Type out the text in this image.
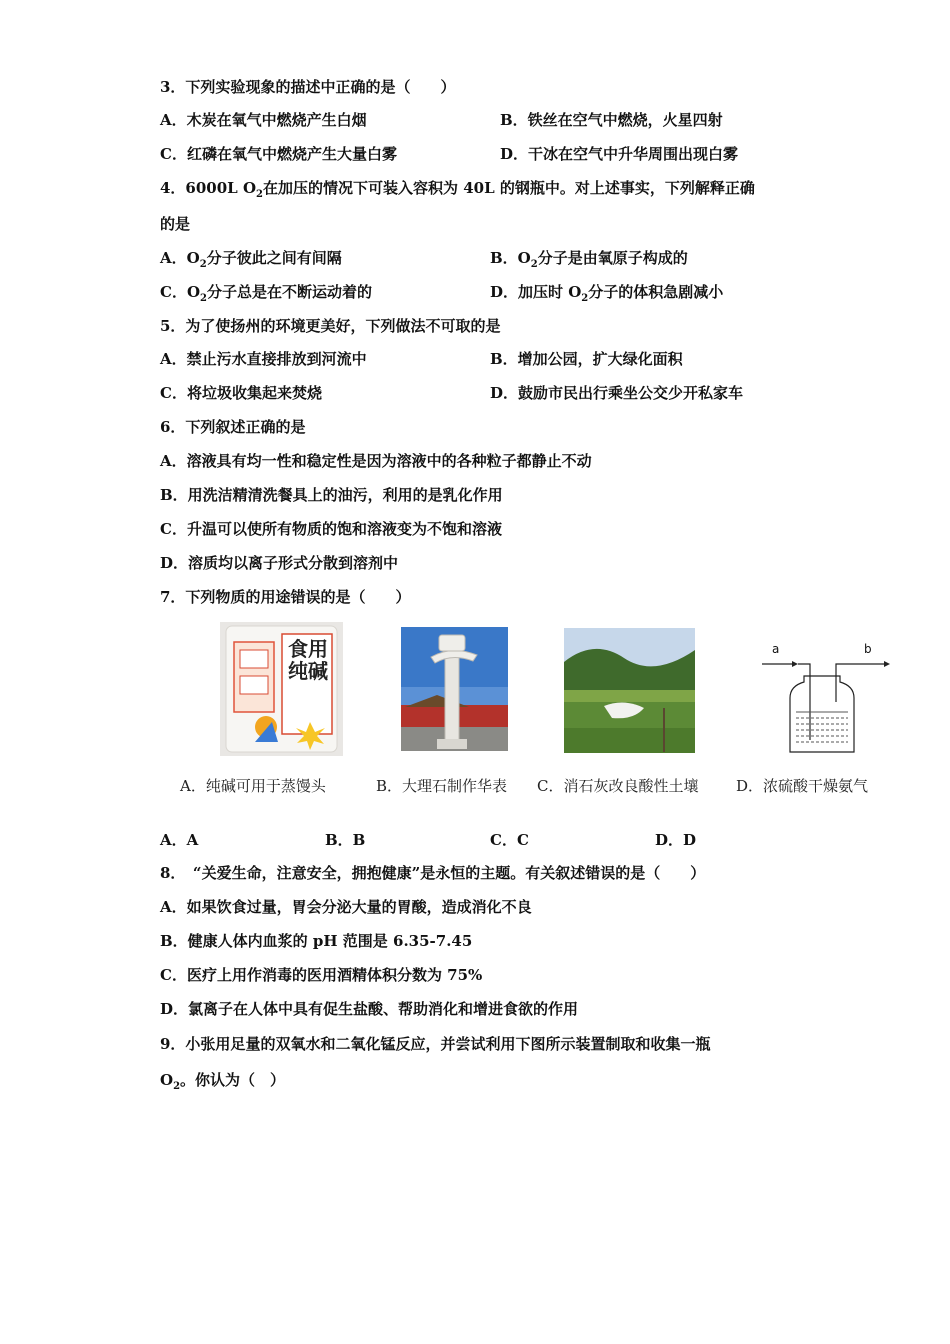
3．下列实验现象的描述中正确的是（　　）
A．木炭在氧气中燃烧产生白烟	B．铁丝在空气中燃烧，火星四射
C．红磷在氧气中燃烧产生大量白雾	D．干冰在空气中升华周围出现白雾
4．6000L $O_2$在加压的情况下可装入容积为 40L 的钢瓶中。对上述事实，下列解释正确
的是
A．$O_2$分子彼此之间有间隔	B．$O_2$分子是由氧原子构成的
C．$O_2$分子总是在不断运动着的	D．加压时 $O_2$分子的体积急剧减小
5．为了使扬州的环境更美好，下列做法不可取的是
A．禁止污水直接排放到河流中	B．增加公园，扩大绿化面积
C．将垃圾收集起来焚烧	D．鼓励市民出行乘坐公交少开私家车
6．下列叙述正确的是
A．溶液具有均一性和稳定性是因为溶液中的各种粒子都静止不动
B．用洗洁精清洗餐具上的油污，利用的是乳化作用
C．升温可以使所有物质的饱和溶液变为不饱和溶液
D．溶质均以离子形式分散到溶剂中
7．下列物质的用途错误的是（　　）
食用纯碱
a	b
A．纯碱可用于蒸馒头	B．大理石制作华表 C．消石灰改良酸性土壤	D．浓硫酸干燥氨气
A．A	B．B	C．C	D．D
8．　“关爱生命，注意安全，拥抱健康”是永恒的主题。有关叙述错误的是（　　）
A．如果饮食过量，胃会分泌大量的胃酸，造成消化不良
B．健康人体内血浆的 pH 范围是 6.35-7.45
C．医疗上用作消毒的医用酒精体积分数为 75%
D．氯离子在人体中具有促生盐酸、帮助消化和增进食欲的作用
9．小张用足量的双氧水和二氧化锰反应，并尝试利用下图所示装置制取和收集一瓶
$O_2$。你认为（　）
